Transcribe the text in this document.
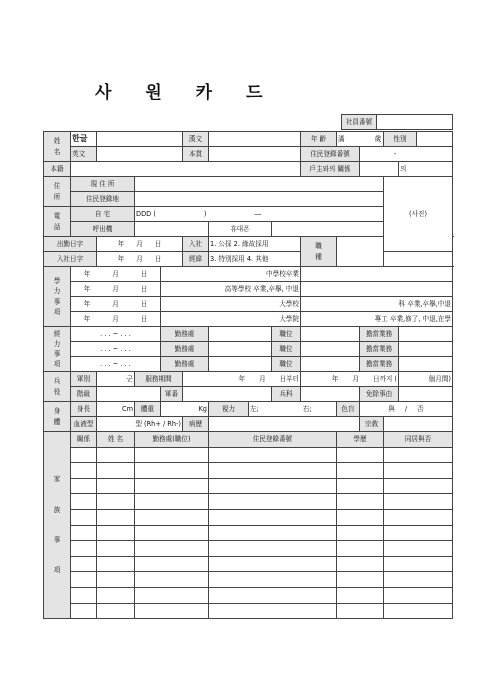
사 원 카 드
社員番號	
姓名	한글				漢文				年 齡	滿 歲		性別			
	英文				本貫				住民登錄番號		-				
本籍									戶主와의 關係				의		
住所	現 住 所											(사진)			
	住民登錄地														
電話	自 宅		DDD ( ) ―												
	呼出機					휴대폰									
出勤日字		年 月 日			入社	1. 公採 2. 緣故採用			職種						
入社日字		年 月 日			經緯	3. 特別採用 4. 其他									
學力事項	年 月 日			中學校卒業											
	年 月 日			高等學校 卒業,卒擧, 中退											
	年 月 日			大學校					科 卒業,卒擧,中退						
	年 月 日			大學院					專工 卒業,修了, 中退,在學						
經力事項	. . . ~ . . .			勤務處				職位			擔當業務				
	. . . ~ . . .			勤務處				職位			擔當業務				
	. . . ~ . . .			勤務處				職位			擔當業務				
兵役	軍別	군	服務期間		年 月 日부터				年 月 日까지 (				個月間)		
	階級			軍番				兵科			免除事由				
身體	身長	Cm	體重	Kg		視力	左; 右;			色盲	與 / 否				
	血液型	型 (Rh+ / Rh-)			病歷						宗敎				
家族事項	關係	姓 名	勤務處(職位)			住民登錄番號				學歷		同居與否	
